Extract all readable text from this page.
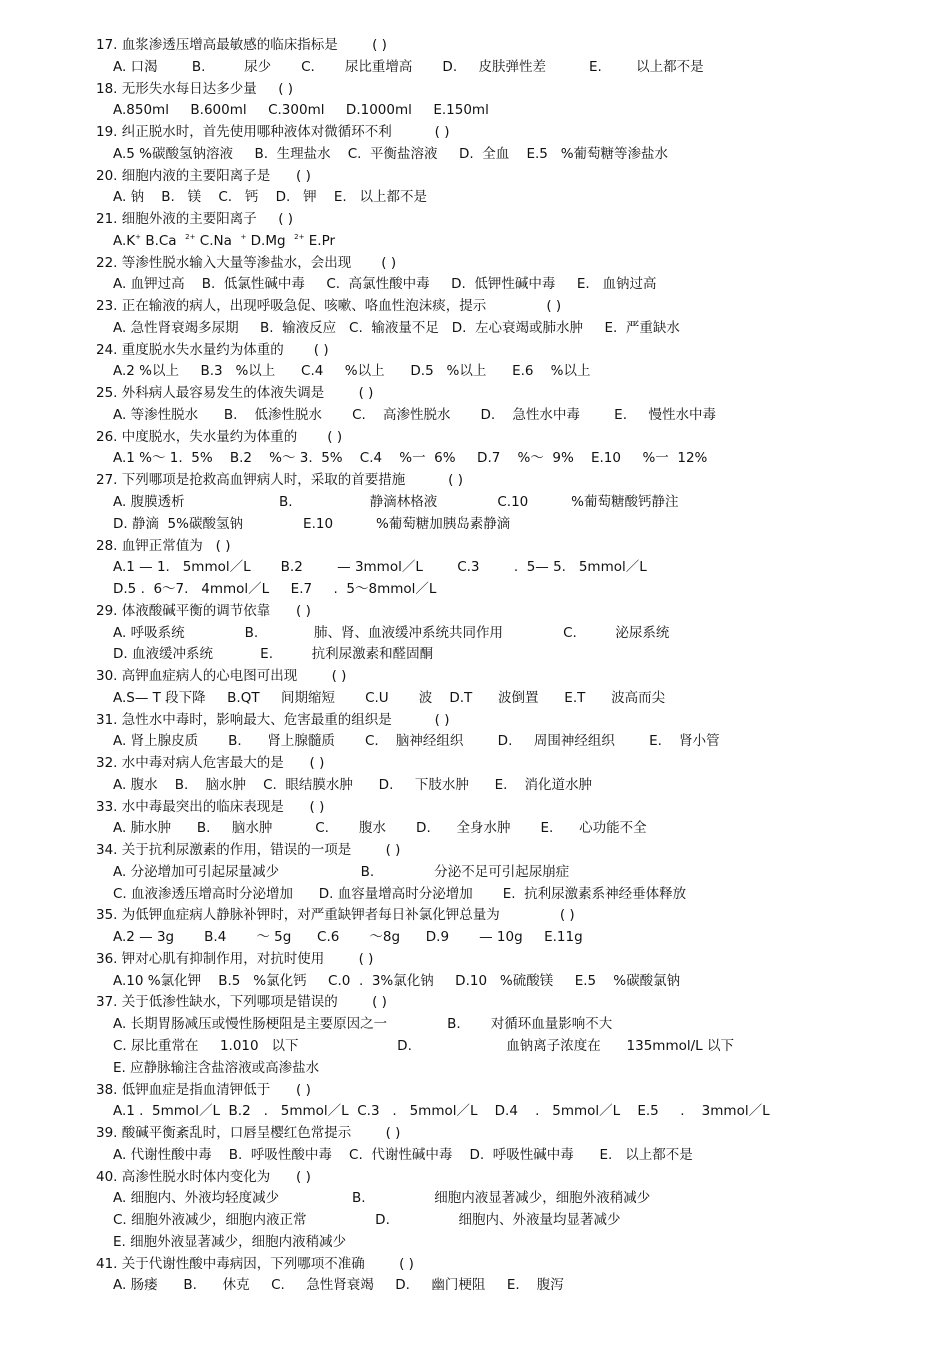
17. 血浆渗透压增高最敏感的临床指标是        ( )
A. 口渴        B.         尿少       C.       尿比重增高       D.     皮肤弹性差          E.        以上都不是
18. 无形失水每日达多少量     ( )
A.850ml     B.600ml     C.300ml     D.1000ml     E.150ml
19. 纠正脱水时，首先使用哪种液体对微循环不利          ( )
A.5 %碳酸氢钠溶液     B.  生理盐水    C.  平衡盐溶液     D.  全血    E.5   %葡萄糖等渗盐水
20. 细胞内液的主要阳离子是      ( )
A. 钠    B.   镁    C.   钙    D.   钾    E.   以上都不是
21. 细胞外液的主要阳离子     ( )
A.K+ B.Ca  $^{2+}$ C.Na  + D.Mg  $^{2+}$ E.Pr
22. 等渗性脱水输入大量等渗盐水，会出现       ( )
A. 血钾过高    B.  低氯性碱中毒     C.  高氯性酸中毒     D.  低钾性碱中毒     E.   血钠过高
23. 正在输液的病人，出现呼吸急促、咳嗽、咯血性泡沫痰，提示              ( )
A. 急性肾衰竭多尿期     B.  输液反应   C.  输液量不足   D.  左心衰竭或肺水肿     E.  严重缺水
24. 重度脱水失水量约为体重的       ( )
A.2 %以上     B.3   %以上      C.4     %以上      D.5   %以上      E.6    %以上
25. 外科病人最容易发生的体液失调是        ( )
A. 等渗性脱水      B.    低渗性脱水       C.    高渗性脱水       D.    急性水中毒        E.     慢性水中毒
26. 中度脱水，失水量约为体重的       ( )
A.1 %～ 1.  5%    B.2    %～ 3.  5%    C.4    %一  6%     D.7    %～  9%    E.10     %一  12%
27. 下列哪项是抢救高血钾病人时，采取的首要措施          ( )
A. 腹膜透析                      B.                  静滴林格液              C.10          %葡萄糖酸钙静注
D. 静滴  5%碳酸氢钠              E.10          %葡萄糖加胰岛素静滴
28. 血钾正常值为   ( )
A.1 — 1.   5mmol／L       B.2        — 3mmol／L        C.3        .  5— 5.   5mmol／L
D.5 .  6～7.   4mmol／L     E.7     .  5～8mmol／L
29. 体液酸碱平衡的调节依靠      ( )
A. 呼吸系统              B.             肺、肾、血液缓冲系统共同作用              C.         泌尿系统
D. 血液缓冲系统           E.         抗利尿激素和醛固酮
30. 高钾血症病人的心电图可出现        ( )
A.S— T 段下降     B.QT     间期缩短       C.U       波    D.T      波倒置      E.T      波高而尖
31. 急性水中毒时，影响最大、危害最重的组织是          ( )
A. 肾上腺皮质       B.      肾上腺髓质       C.    脑神经组织        D.     周围神经组织        E.    肾小管
32. 水中毒对病人危害最大的是      ( )
A. 腹水    B.    脑水肿    C.  眼结膜水肿      D.     下肢水肿      E.    消化道水肿
33. 水中毒最突出的临床表现是      ( )
A. 肺水肿      B.     脑水肿          C.       腹水       D.      全身水肿       E.      心功能不全
34. 关于抗利尿激素的作用，错误的一项是        ( )
A. 分泌增加可引起尿量减少                   B.              分泌不足可引起尿崩症
C. 血液渗透压增高时分泌增加      D. 血容量增高时分泌增加       E.  抗利尿激素系神经垂体释放
35. 为低钾血症病人静脉补钾时，对严重缺钾者每日补氯化钾总量为              ( )
A.2 — 3g       B.4       ～ 5g      C.6       ～8g      D.9       — 10g     E.11g
36. 钾对心肌有抑制作用，对抗时使用        ( )
A.10 %氯化钾    B.5   %氯化钙     C.0  .  3%氯化钠     D.10   %硫酸镁     E.5    %碳酸氯钠
37. 关于低渗性缺水，下列哪项是错误的        ( )
A. 长期胃肠减压或慢性肠梗阻是主要原因之一              B.       对循环血量影响不大
C. 尿比重常在     1.010   以下                       D.                      血钠离子浓度在      135mmol/L 以下
E. 应静脉输注含盐溶液或高渗盐水
38. 低钾血症是指血清钾低于      ( )
A.1 .  5mmol／L  B.2   .   5mmol／L  C.3   .   5mmol／L    D.4    .   5mmol／L    E.5     .    3mmol／L
39. 酸碱平衡紊乱时，口唇呈樱红色常提示        ( )
A. 代谢性酸中毒    B.  呼吸性酸中毒    C.  代谢性碱中毒    D.  呼吸性碱中毒      E.   以上都不是
40. 高渗性脱水时体内变化为      ( )
A. 细胞内、外液均轻度减少                 B.                细胞内液显著减少，细胞外液稍减少
C. 细胞外液减少，细胞内液正常                D.                细胞内、外液量均显著减少
E. 细胞外液显著减少，细胞内液稍减少
41. 关于代谢性酸中毒病因，下列哪项不准确        ( )
A. 肠瘘      B.      休克     C.     急性肾衰竭     D.     幽门梗阻     E.    腹泻
